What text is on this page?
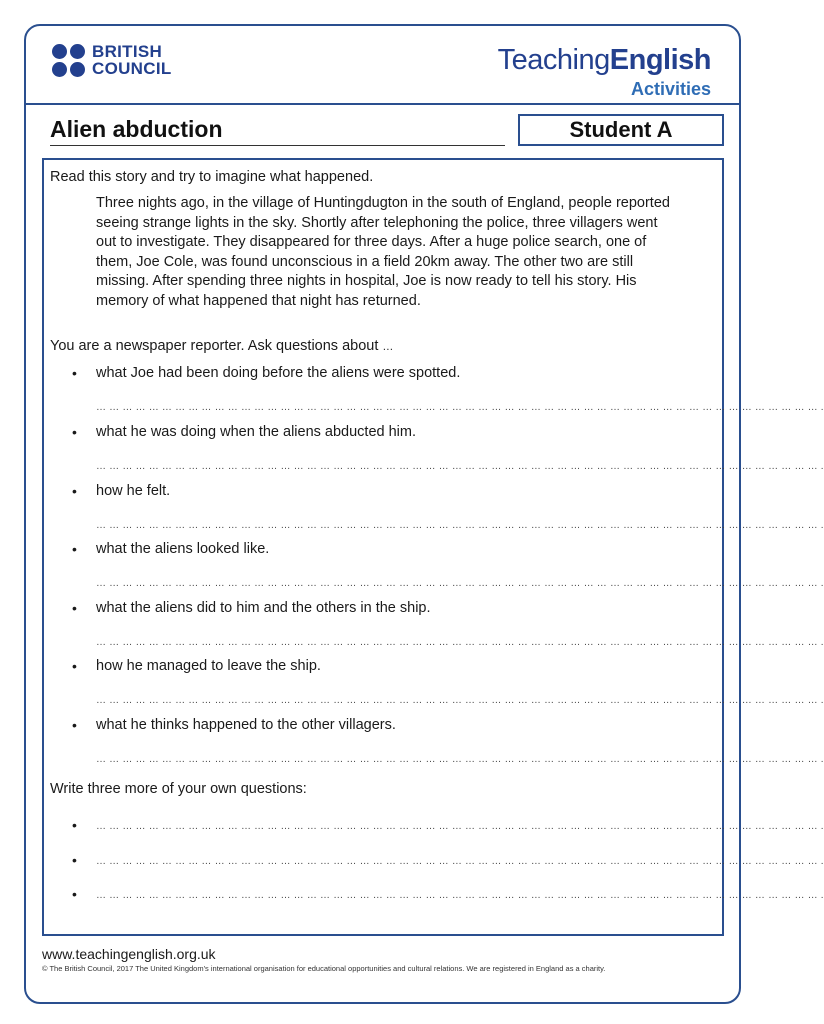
BRITISH
COUNCIL	TeachingEnglish
Activities
Alien abduction	Student A
Read this story and try to imagine what happened.
Three nights ago, in the village of Huntingdugton in the south of England, people reported
seeing strange lights in the sky. Shortly after telephoning the police, three villagers went
out to investigate. They disappeared for three days. After a huge police search, one of
them, Joe Cole, was found unconscious in a field 20km away. The other two are still
missing. After spending three nights in hospital, Joe is now ready to tell his story. His
memory of what happened that night has returned.
You are a newspaper reporter. Ask questions about …
• what Joe had been doing before the aliens were spotted.
… … … … … … … … … … … … … … … … … … … … … … … … … … … … … … … … … … … … … … … … … … … … … … … … … … … … … … … .
• what he was doing when the aliens abducted him.
… … … … … … … … … … … … … … … … … … … … … … … … … … … … … … … … … … … … … … … … … … … … … … … … … … … … … … … .
• how he felt.
… … … … … … … … … … … … … … … … … … … … … … … … … … … … … … … … … … … … … … … … … … … … … … … … … … … … … … … .
• what the aliens looked like.
… … … … … … … … … … … … … … … … … … … … … … … … … … … … … … … … … … … … … … … … … … … … … … … … … … … … … … … .
• what the aliens did to him and the others in the ship.
… … … … … … … … … … … … … … … … … … … … … … … … … … … … … … … … … … … … … … … … … … … … … … … … … … … … … … … .
• how he managed to leave the ship.
… … … … … … … … … … … … … … … … … … … … … … … … … … … … … … … … … … … … … … … … … … … … … … … … … … … … … … … .
• what he thinks happened to the other villagers.
… … … … … … … … … … … … … … … … … … … … … … … … … … … … … … … … … … … … … … … … … … … … … … … … … … … … … … … .
Write three more of your own questions:
• … … … … … … … … … … … … … … … … … … … … … … … … … … … … … … … … … … … … … … … … … … … … … … … … … … … … … … … .
• … … … … … … … … … … … … … … … … … … … … … … … … … … … … … … … … … … … … … … … … … … … … … … … … … … … … … … … .
• … … … … … … … … … … … … … … … … … … … … … … … … … … … … … … … … … … … … … … … … … … … … … … … … … … … … … … … .
www.teachingenglish.org.uk
© The British Council, 2017 The United Kingdom's international organisation for educational opportunities and cultural relations. We are registered in England as a charity.
